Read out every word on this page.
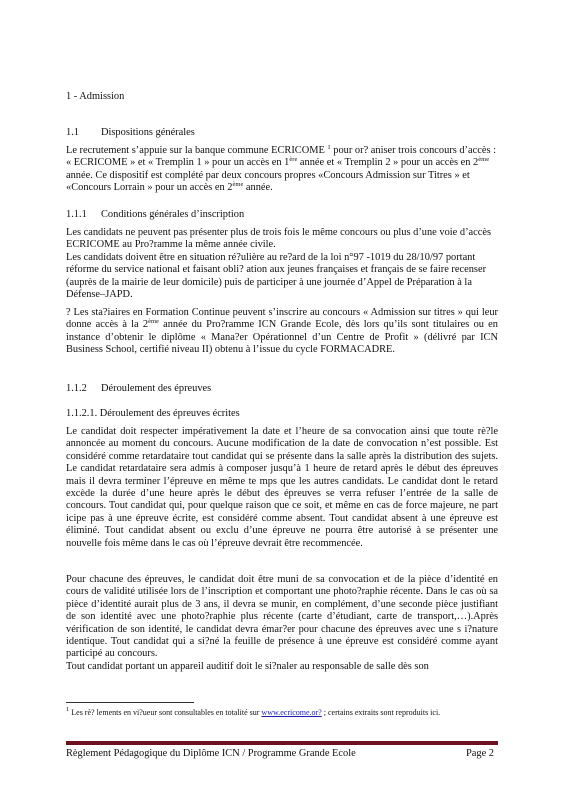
1 - Admission

1.1 Dispositions générales

Le recrutement s’appuie sur la banque commune ECRICOME $^1$ pour or? aniser trois concours d’accès : « ECRICOME » et « Tremplin 1 » pour un accès en 1ère année et « Tremplin 2 » pour un accès en 2ème année. Ce dispositif est complété par deux concours propres «Concours Admission sur Titres » et «Concours Lorrain » pour un accès en 2ème année.

1.1.1 Conditions générales d’inscription

Les candidats ne peuvent pas présenter plus de trois fois le même concours ou plus d’une voie d’accès ECRICOME au Pro?ramme la même année civile.

Les candidats doivent être en situation ré?ulière au re?ard de la loi n°97 -1019 du 28/10/97 portant réforme du service national et faisant obli? ation aux jeunes françaises et français de se faire recenser (auprès de la mairie de leur domicile) puis de participer à une journée d’Appel de Préparation à la Défense–JAPD.

? Les sta?iaires en Formation Continue peuvent s’inscrire au concours « Admission sur titres » qui leur donne accès à la 2ème année du Pro?ramme ICN Grande Ecole, dès lors qu’ils sont titulaires ou en instance d’obtenir le diplôme « Mana?er Opérationnel d’un Centre de Profit » (délivré par ICN Business School, certifié niveau II) obtenu à l’issue du cycle FORMACADRE.

1.1.2 Déroulement des épreuves

1.1.2.1. Déroulement des épreuves écrites

Le candidat doit respecter impérativement la date et l’heure de sa convocation ainsi que toute rè?le annoncée au moment du concours. Aucune modification de la date de convocation n’est possible. Est considéré comme retardataire tout candidat qui se présente dans la salle après la distribution des sujets. Le candidat retardataire sera admis à composer jusqu’à 1 heure de retard après le début des épreuves mais il devra terminer l’épreuve en même te mps que les autres candidats. Le candidat dont le retard excède la durée d’une heure après le début des épreuves se verra refuser l’entrée de la salle de concours. Tout candidat qui, pour quelque raison que ce soit, et même en cas de force majeure, ne part icipe pas à une épreuve écrite, est considéré comme absent. Tout candidat absent à une épreuve est éliminé. Tout candidat absent ou exclu d’une épreuve ne pourra être autorisé à se présenter une nouvelle fois même dans le cas où l’épreuve devrait être recommencée.

Pour chacune des épreuves, le candidat doit être muni de sa convocation et de la pièce d’identité en cours de validité utilisée lors de l’inscription et comportant une photo?raphie récente. Dans le cas où sa pièce d’identité aurait plus de 3 ans, il devra se munir, en complément, d’une seconde pièce justifiant de son identité avec une photo?raphie plus récente (carte d’étudiant, carte de transport,…).Après vérification de son identité, le candidat devra émar?er pour chacune des épreuves avec une s i?nature identique. Tout candidat qui a si?né la feuille de présence à une épreuve est considéré comme ayant participé au concours.

Tout candidat portant un appareil auditif doit le si?naler au responsable de salle dès son

$^1$ Les rè? lements en vi?ueur sont consultables en totalité sur www.ecricome.or? ; certains extraits sont reproduits ici.

Règlement Pédagogique du Diplôme ICN / Programme Grande Ecole	Page 2
